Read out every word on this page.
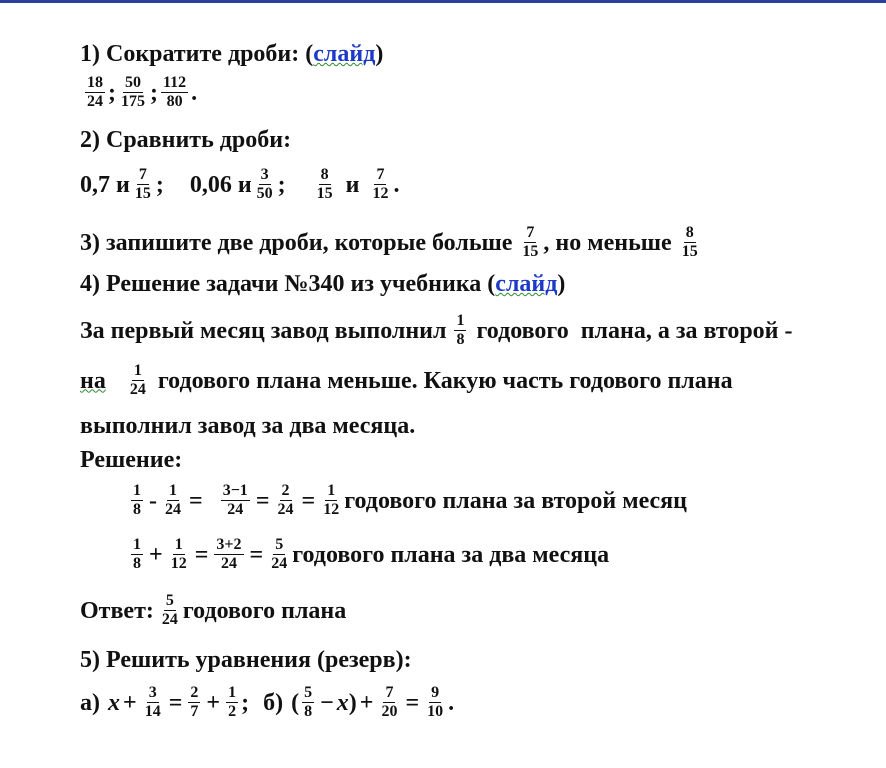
1) Сократите дроби:
( слайд )
$\frac{18}{24}$ ; $\frac{50}{175}$ ; $\frac{112}{80}$ .
2) Сравнить дроби:
0,7 и $\frac{7}{15}$ ; 0,06 и $\frac{3}{50}$ ; $\frac{8}{15}$ и $\frac{7}{12}$ .
3) запишите две дроби, которые больше $\frac{7}{15}$ , но меньше $\frac{8}{15}$
4) Решение задачи №340 из учебника
( слайд )
За первый месяц завод выполнил $\frac{1}{8}$ годового  плана, а за второй -
на $\frac{1}{24}$ годового плана меньше. Какую часть годового плана
выполнил завод за два месяца.
Решение:
$\frac{1}{8} - \frac{1}{24} = \frac{3-1}{24} = \frac{2}{24} = \frac{1}{12}$ годового плана за второй месяц
$\frac{1}{8} + \frac{1}{12} = \frac{3+2}{24} = \frac{5}{24}$ годового плана за два месяца
Ответ: $\frac{5}{24}$ годового плана
5) Решить уравнения (резерв):
а) $x + \frac{3}{14} = \frac{2}{7} + \frac{1}{2}$ ; б) ( $\frac{5}{8} - x$ ) + $\frac{7}{20} = \frac{9}{10}$ .
